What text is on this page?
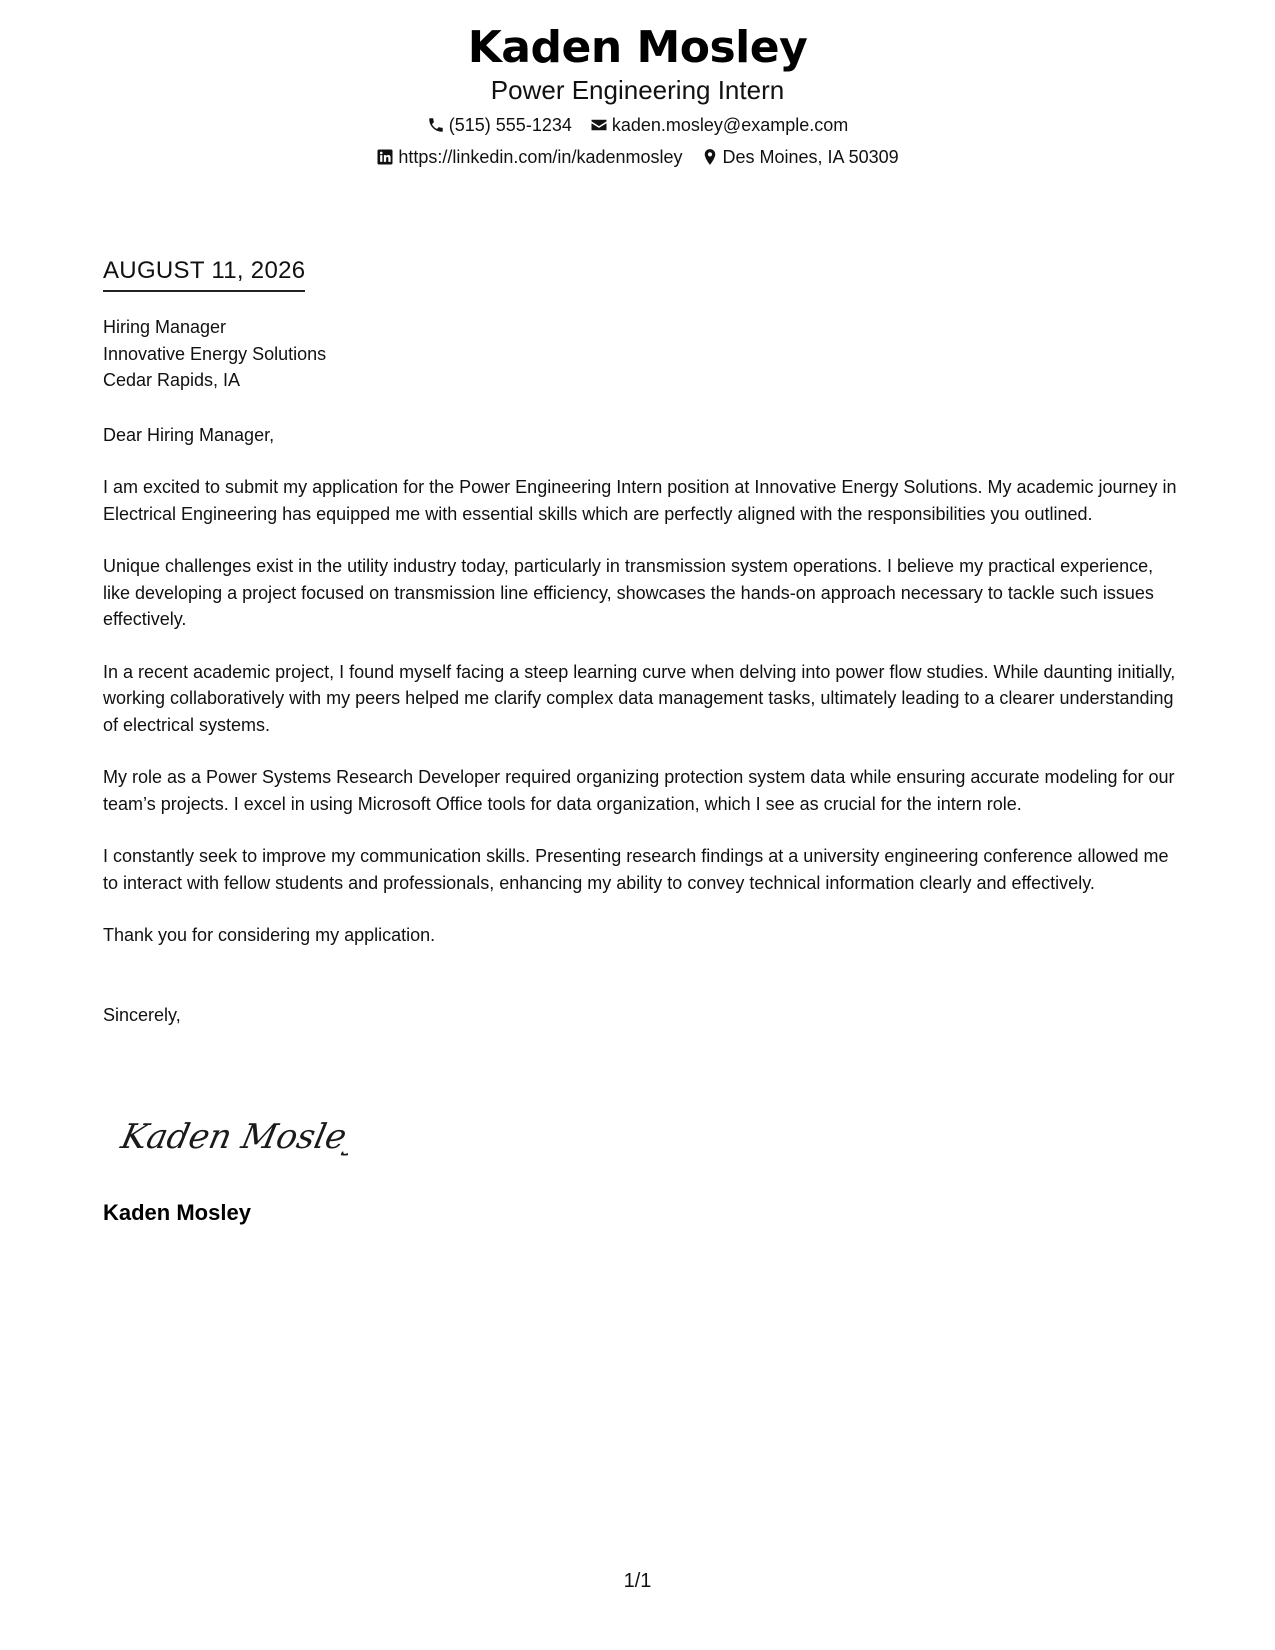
Kaden Mosley
Power Engineering Intern
(515) 555-1234 kaden.mosley@example.com
https://linkedin.com/in/kadenmosley Des Moines, IA 50309
AUGUST 11, 2026
Hiring Manager
Innovative Energy Solutions
Cedar Rapids, IA

Dear Hiring Manager,

I am excited to submit my application for the Power Engineering Intern position at Innovative Energy Solutions. My academic journey in Electrical Engineering has equipped me with essential skills which are perfectly aligned with the responsibilities you outlined.

Unique challenges exist in the utility industry today, particularly in transmission system operations. I believe my practical experience, like developing a project focused on transmission line efficiency, showcases the hands-on approach necessary to tackle such issues effectively.

In a recent academic project, I found myself facing a steep learning curve when delving into power flow studies. While daunting initially, working collaboratively with my peers helped me clarify complex data management tasks, ultimately leading to a clearer understanding of electrical systems.

My role as a Power Systems Research Developer required organizing protection system data while ensuring accurate modeling for our team’s projects. I excel in using Microsoft Office tools for data organization, which I see as crucial for the intern role.

I constantly seek to improve my communication skills. Presenting research findings at a university engineering conference allowed me to interact with fellow students and professionals, enhancing my ability to convey technical information clearly and effectively.

Thank you for considering my application.

Sincerely,

Kaden Mosley
Kaden Mosley
1/1
